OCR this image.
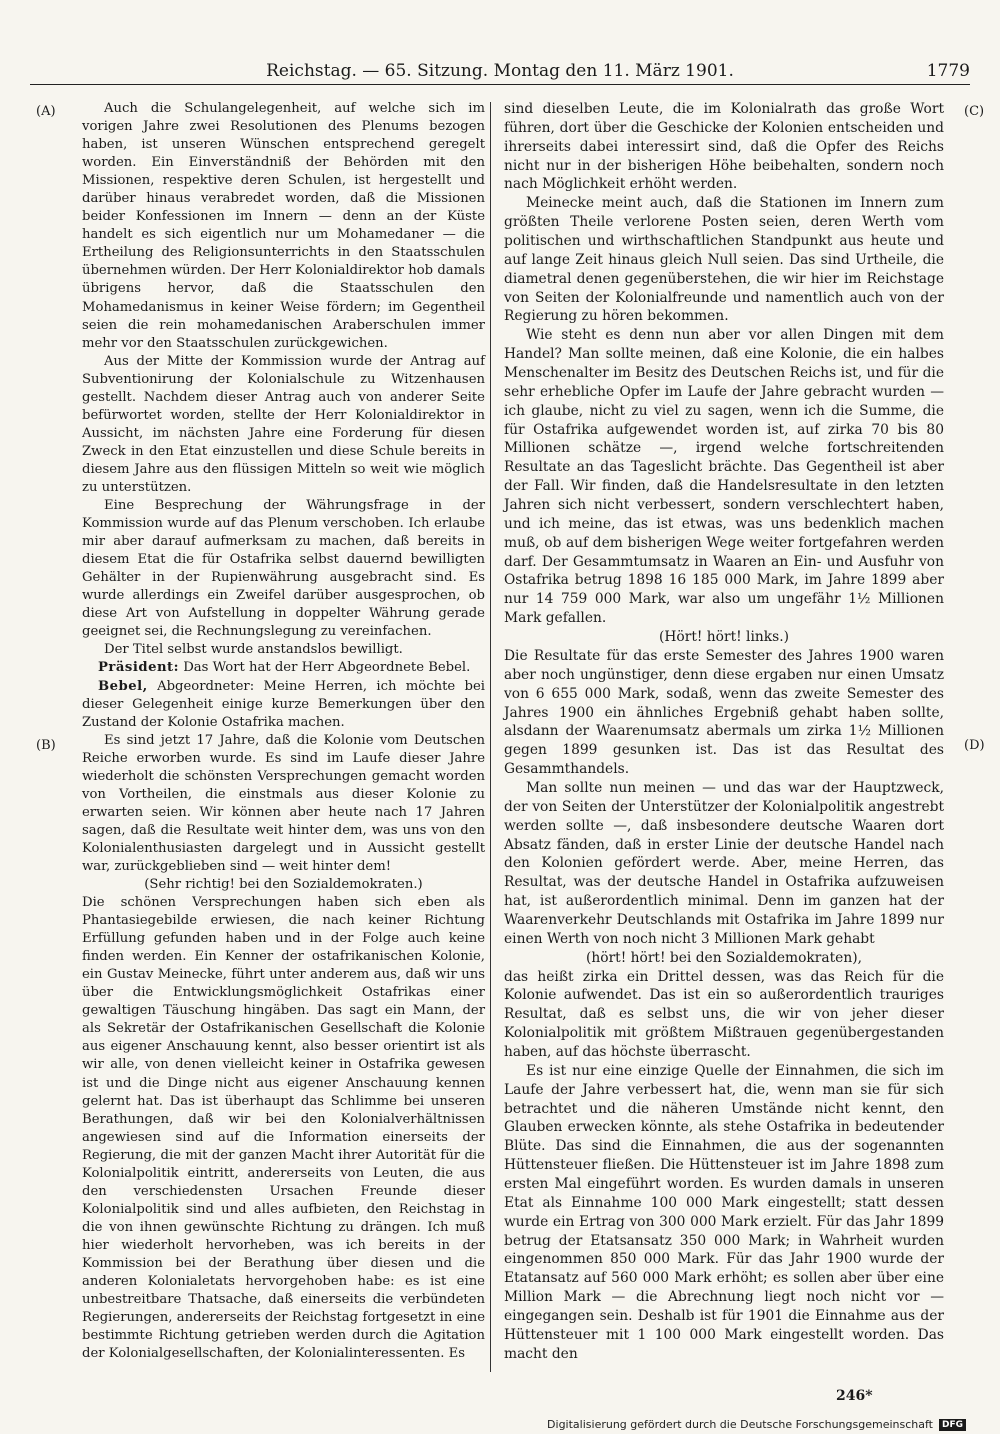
Reichstag. — 65. Sitzung. Montag den 11. März 1901.	1779
(A)
(B)
(C)
(D)

Auch die Schulangelegenheit, auf welche sich im vorigen Jahre zwei Resolutionen des Plenums bezogen haben, ist unseren Wünschen entsprechend geregelt worden. Ein Einverständniß der Behörden mit den Missionen, respektive deren Schulen, ist hergestellt und darüber hinaus verabredet worden, daß die Missionen beider Konfessionen im Innern — denn an der Küste handelt es sich eigentlich nur um Mohamedaner — die Ertheilung des Religionsunterrichts in den Staatsschulen übernehmen würden. Der Herr Kolonialdirektor hob damals übrigens hervor, daß die Staatsschulen den Mohamedanismus in keiner Weise fördern; im Gegentheil seien die rein mohamedanischen Araberschulen immer mehr vor den Staatsschulen zurückgewichen.

Aus der Mitte der Kommission wurde der Antrag auf Subventionirung der Kolonialschule zu Witzenhausen gestellt. Nachdem dieser Antrag auch von anderer Seite befürwortet worden, stellte der Herr Kolonialdirektor in Aussicht, im nächsten Jahre eine Forderung für diesen Zweck in den Etat einzustellen und diese Schule bereits in diesem Jahre aus den flüssigen Mitteln so weit wie möglich zu unterstützen.

Eine Besprechung der Währungsfrage in der Kommission wurde auf das Plenum verschoben. Ich erlaube mir aber darauf aufmerksam zu machen, daß bereits in diesem Etat die für Ostafrika selbst dauernd bewilligten Gehälter in der Rupienwährung ausgebracht sind. Es wurde allerdings ein Zweifel darüber ausgesprochen, ob diese Art von Aufstellung in doppelter Währung gerade geeignet sei, die Rechnungslegung zu vereinfachen.

Der Titel selbst wurde anstandslos bewilligt.

Präsident: Das Wort hat der Herr Abgeordnete Bebel.

Bebel, Abgeordneter: Meine Herren, ich möchte bei dieser Gelegenheit einige kurze Bemerkungen über den Zustand der Kolonie Ostafrika machen.

Es sind jetzt 17 Jahre, daß die Kolonie vom Deutschen Reiche erworben wurde. Es sind im Laufe dieser Jahre wiederholt die schönsten Versprechungen gemacht worden von Vortheilen, die einstmals aus dieser Kolonie zu erwarten seien. Wir können aber heute nach 17 Jahren sagen, daß die Resultate weit hinter dem, was uns von den Kolonialenthusiasten dargelegt und in Aussicht gestellt war, zurückgeblieben sind — weit hinter dem!

(Sehr richtig! bei den Sozialdemokraten.)

Die schönen Versprechungen haben sich eben als Phantasiegebilde erwiesen, die nach keiner Richtung Erfüllung gefunden haben und in der Folge auch keine finden werden. Ein Kenner der ostafrikanischen Kolonie, ein Gustav Meinecke, führt unter anderem aus, daß wir uns über die Entwicklungsmöglichkeit Ostafrikas einer gewaltigen Täuschung hingäben. Das sagt ein Mann, der als Sekretär der Ostafrikanischen Gesellschaft die Kolonie aus eigener Anschauung kennt, also besser orientirt ist als wir alle, von denen vielleicht keiner in Ostafrika gewesen ist und die Dinge nicht aus eigener Anschauung kennen gelernt hat. Das ist überhaupt das Schlimme bei unseren Berathungen, daß wir bei den Kolonialverhältnissen angewiesen sind auf die Information einerseits der Regierung, die mit der ganzen Macht ihrer Autorität für die Kolonialpolitik eintritt, andererseits von Leuten, die aus den verschiedensten Ursachen Freunde dieser Kolonialpolitik sind und alles aufbieten, den Reichstag in die von ihnen gewünschte Richtung zu drängen. Ich muß hier wiederholt hervorheben, was ich bereits in der Kommission bei der Berathung über diesen und die anderen Kolonialetats hervorgehoben habe: es ist eine unbestreitbare Thatsache, daß einerseits die verbündeten Regierungen, andererseits der Reichstag fortgesetzt in eine bestimmte Richtung getrieben werden durch die Agitation der Kolonialgesellschaften, der Kolonialinteressenten. Es

sind dieselben Leute, die im Kolonialrath das große Wort führen, dort über die Geschicke der Kolonien entscheiden und ihrerseits dabei interessirt sind, daß die Opfer des Reichs nicht nur in der bisherigen Höhe beibehalten, sondern noch nach Möglichkeit erhöht werden.

Meinecke meint auch, daß die Stationen im Innern zum größten Theile verlorene Posten seien, deren Werth vom politischen und wirthschaftlichen Standpunkt aus heute und auf lange Zeit hinaus gleich Null seien. Das sind Urtheile, die diametral denen gegenüberstehen, die wir hier im Reichstage von Seiten der Kolonialfreunde und namentlich auch von der Regierung zu hören bekommen.

Wie steht es denn nun aber vor allen Dingen mit dem Handel? Man sollte meinen, daß eine Kolonie, die ein halbes Menschenalter im Besitz des Deutschen Reichs ist, und für die sehr erhebliche Opfer im Laufe der Jahre gebracht wurden — ich glaube, nicht zu viel zu sagen, wenn ich die Summe, die für Ostafrika aufgewendet worden ist, auf zirka 70 bis 80 Millionen schätze —, irgend welche fortschreitenden Resultate an das Tageslicht brächte. Das Gegentheil ist aber der Fall. Wir finden, daß die Handelsresultate in den letzten Jahren sich nicht verbessert, sondern verschlechtert haben, und ich meine, das ist etwas, was uns bedenklich machen muß, ob auf dem bisherigen Wege weiter fortgefahren werden darf. Der Gesammtumsatz in Waaren an Ein- und Ausfuhr von Ostafrika betrug 1898 16 185 000 Mark, im Jahre 1899 aber nur 14 759 000 Mark, war also um ungefähr 1½ Millionen Mark gefallen.

(Hört! hört! links.)

Die Resultate für das erste Semester des Jahres 1900 waren aber noch ungünstiger, denn diese ergaben nur einen Umsatz von 6 655 000 Mark, sodaß, wenn das zweite Semester des Jahres 1900 ein ähnliches Ergebniß gehabt haben sollte, alsdann der Waarenumsatz abermals um zirka 1½ Millionen gegen 1899 gesunken ist. Das ist das Resultat des Gesammthandels.

Man sollte nun meinen — und das war der Hauptzweck, der von Seiten der Unterstützer der Kolonialpolitik angestrebt werden sollte —, daß insbesondere deutsche Waaren dort Absatz fänden, daß in erster Linie der deutsche Handel nach den Kolonien gefördert werde. Aber, meine Herren, das Resultat, was der deutsche Handel in Ostafrika aufzuweisen hat, ist außerordentlich minimal. Denn im ganzen hat der Waarenverkehr Deutschlands mit Ostafrika im Jahre 1899 nur einen Werth von noch nicht 3 Millionen Mark gehabt

(hört! hört! bei den Sozialdemokraten),

das heißt zirka ein Drittel dessen, was das Reich für die Kolonie aufwendet. Das ist ein so außerordentlich trauriges Resultat, daß es selbst uns, die wir von jeher dieser Kolonialpolitik mit größtem Mißtrauen gegenübergestanden haben, auf das höchste überrascht.

Es ist nur eine einzige Quelle der Einnahmen, die sich im Laufe der Jahre verbessert hat, die, wenn man sie für sich betrachtet und die näheren Umstände nicht kennt, den Glauben erwecken könnte, als stehe Ostafrika in bedeutender Blüte. Das sind die Einnahmen, die aus der sogenannten Hüttensteuer fließen. Die Hüttensteuer ist im Jahre 1898 zum ersten Mal eingeführt worden. Es wurden damals in unseren Etat als Einnahme 100 000 Mark eingestellt; statt dessen wurde ein Ertrag von 300 000 Mark erzielt. Für das Jahr 1899 betrug der Etatsansatz 350 000 Mark; in Wahrheit wurden eingenommen 850 000 Mark. Für das Jahr 1900 wurde der Etatansatz auf 560 000 Mark erhöht; es sollen aber über eine Million Mark — die Abrechnung liegt noch nicht vor — eingegangen sein. Deshalb ist für 1901 die Einnahme aus der Hüttensteuer mit 1 100 000 Mark eingestellt worden. Das macht den

246*
Digitalisierung gefördert durch die Deutsche Forschungsgemeinschaft	DFG
